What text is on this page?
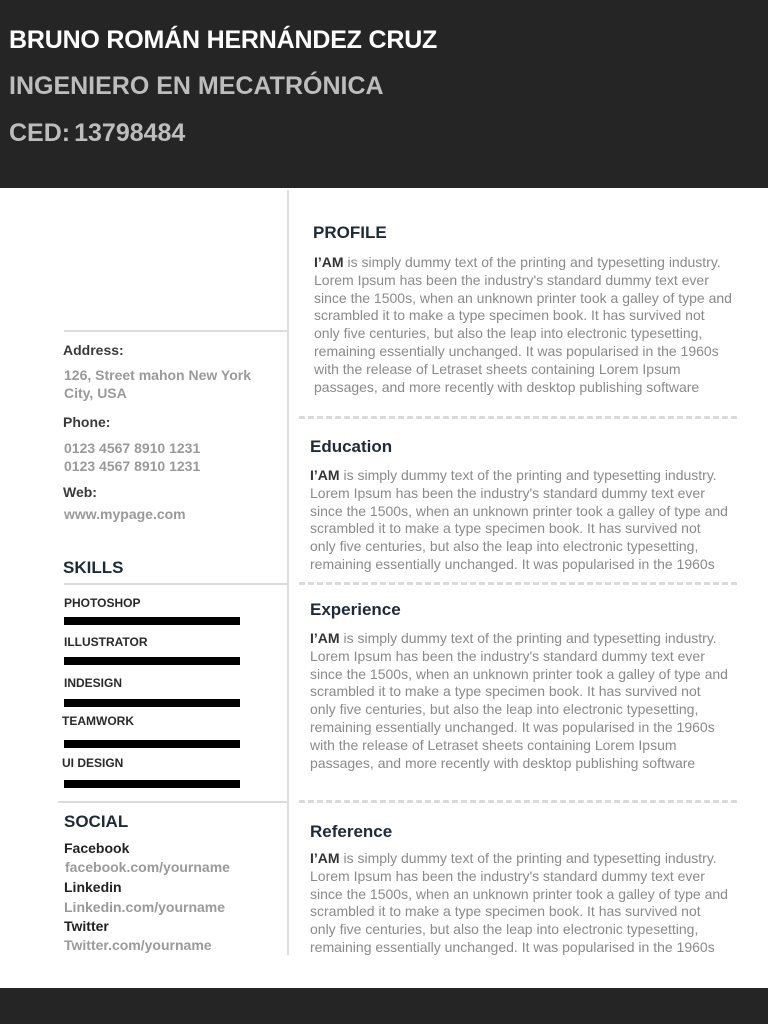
BRUNO ROMÁN HERNÁNDEZ CRUZ
INGENIERO EN MECATRÓNICA
CED: 13798484
Address:
126, Street mahon New York
City, USA
Phone:
0123 4567 8910 1231
0123 4567 8910 1231
Web:
www.mypage.com
SKILLS
PHOTOSHOP
ILLUSTRATOR
INDESIGN
TEAMWORK
UI DESIGN
SOCIAL
Facebook
facebook.com/yourname
Linkedin
Linkedin.com/yourname
Twitter
Twitter.com/yourname
PROFILE
I’AM is simply dummy text of the printing and typesetting industry. Lorem Ipsum has been the industry's standard dummy text ever since the 1500s, when an unknown printer took a galley of type and scrambled it to make a type specimen book. It has survived not only five centuries, but also the leap into electronic typesetting, remaining essentially unchanged. It was popularised in the 1960s with the release of Letraset sheets containing Lorem Ipsum passages, and more recently with desktop publishing software
Education
I’AM is simply dummy text of the printing and typesetting industry. Lorem Ipsum has been the industry's standard dummy text ever since the 1500s, when an unknown printer took a galley of type and scrambled it to make a type specimen book. It has survived not only five centuries, but also the leap into electronic typesetting, remaining essentially unchanged. It was popularised in the 1960s
Experience
I’AM is simply dummy text of the printing and typesetting industry. Lorem Ipsum has been the industry's standard dummy text ever since the 1500s, when an unknown printer took a galley of type and scrambled it to make a type specimen book. It has survived not only five centuries, but also the leap into electronic typesetting, remaining essentially unchanged. It was popularised in the 1960s with the release of Letraset sheets containing Lorem Ipsum passages, and more recently with desktop publishing software
Reference
I’AM is simply dummy text of the printing and typesetting industry. Lorem Ipsum has been the industry's standard dummy text ever since the 1500s, when an unknown printer took a galley of type and scrambled it to make a type specimen book. It has survived not only five centuries, but also the leap into electronic typesetting, remaining essentially unchanged. It was popularised in the 1960s
